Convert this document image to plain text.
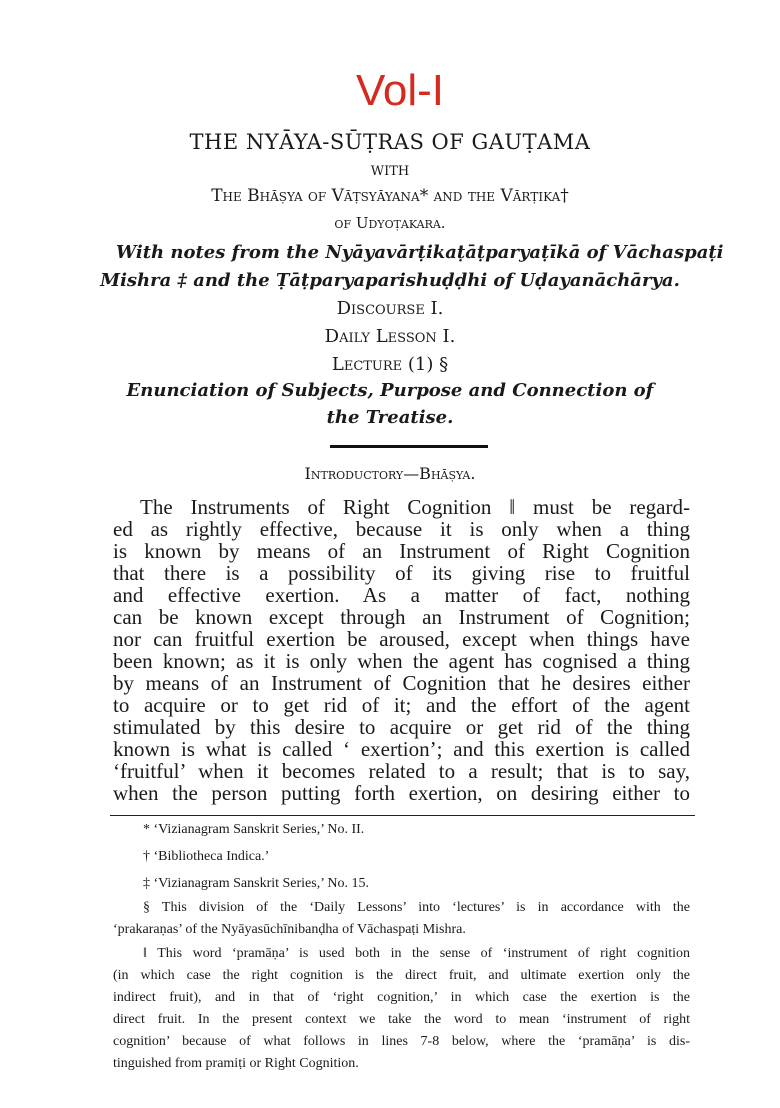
Vol-I
THE NYĀYA-SŪṬRAS OF GAUṬAMA
WITH
The Bhāṣya of Vāṭsyāyana* and the Vārṭika†
of Udyoṭakara.
With notes from the Nyāyavārṭikaṭāṭparyaṭīkā of Vāchaspaṭi
Mishra ‡ and the Ṭāṭparyaparishuḍḍhi of Uḍayanāchārya.
Discourse I.
Daily Lesson I.
Lecture (1) §
Enunciation of Subjects, Purpose and Connection of
the Treatise.
Introductory—Bhāṣya.
The Instruments of Right Cognition ‖ must be regard-
ed as rightly effective, because it is only when a thing
is known by means of an Instrument of Right Cognition
that there is a possibility of its giving rise to fruitful
and effective exertion. As a matter of fact, nothing
can be known except through an Instrument of Cognition;
nor can fruitful exertion be aroused, except when things have
been known; as it is only when the agent has cognised a thing
by means of an Instrument of Cognition that he desires either
to acquire or to get rid of it; and the effort of the agent
stimulated by this desire to acquire or get rid of the thing
known is what is called ‘ exertion’; and this exertion is called
‘fruitful’ when it becomes related to a result; that is to say,
when the person putting forth exertion, on desiring either to
* ‘Vizianagram Sanskrit Series,’ No. II.
† ‘Bibliotheca Indica.’
‡ ‘Vizianagram Sanskrit Series,’ No. 15.
§ This division of the ‘Daily Lessons’ into ‘lectures’ is in accordance with the
‘prakaraṇas’ of the Nyāyasūchīnibanḍha of Vāchaspaṭi Mishra.
‖ This word ‘pramāṇa’ is used both in the sense of ‘instrument of right cognition
(in which case the right cognition is the direct fruit, and ultimate exertion only the
indirect fruit), and in that of ‘right cognition,’ in which case the exertion is the
direct fruit. In the present context we take the word to mean ‘instrument of right
cognition’ because of what follows in lines 7-8 below, where the ‘pramāṇa’ is dis-
tinguished from pramiṭi or Right Cognition.
